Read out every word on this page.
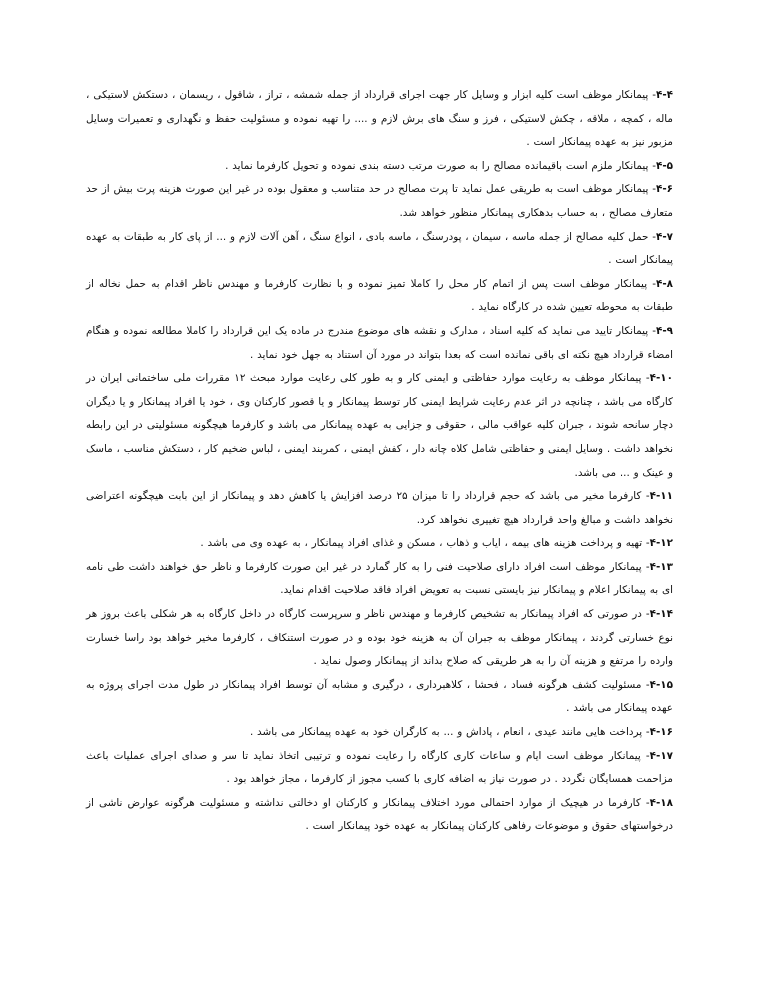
۴-۴- پیمانکار موظف است کلیه ابزار و وسایل کار جهت اجرای قرارداد از جمله شمشه ، تراز ، شاقول ، ریسمان ، دستکش لاستیکی ، ماله ، کمچه ، ملاقه ، چکش لاستیکی ، فرز و سنگ های برش لازم و .... را تهیه نموده و مسئولیت حفظ و نگهداری و تعمیرات وسایل مزبور نیز به عهده پیمانکار است .

۴-۵- پیمانکار ملزم است باقیمانده مصالح را به صورت مرتب دسته بندی نموده و تحویل کارفرما نماید .

۴-۶- پیمانکار موظف است به طریقی عمل نماید تا پرت مصالح در حد متناسب و معقول بوده در غیر این صورت هزینه پرت بیش از حد متعارف مصالح ، به حساب بدهکاری پیمانکار منظور خواهد شد.

۴-۷- حمل کلیه مصالح از جمله ماسه ، سیمان ، پودرسنگ ، ماسه بادی ، انواع سنگ ، آهن آلات لازم و ... از پای کار به طبقات به عهده پیمانکار است .

۴-۸- پیمانکار موظف است پس از اتمام کار محل را کاملا تمیز نموده و با نظارت کارفرما و مهندس ناظر اقدام به حمل نخاله از طبقات به محوطه تعیین شده در کارگاه نماید .

۴-۹- پیمانکار تایید می نماید که کلیه اسناد ، مدارک و نقشه های موضوع مندرج در ماده یک این قرارداد را کاملا مطالعه نموده و هنگام امضاء قرارداد هیچ نکته ای باقی نمانده است که بعدا بتواند در مورد آن استناد به جهل خود نماید .

۴-۱۰- پیمانکار موظف به رعایت موارد حفاظتی و ایمنی کار و به طور کلی رعایت موارد مبحث ۱۲ مقررات ملی ساختمانی ایران در کارگاه می باشد ، چنانچه در اثر عدم رعایت شرایط ایمنی کار توسط پیمانکار و یا قصور کارکنان وی ، خود یا افراد پیمانکار و یا دیگران دچار سانحه شوند ، جبران کلیه عواقب مالی ، حقوقی و جزایی به عهده پیمانکار می باشد و کارفرما هیچگونه مسئولیتی در این رابطه نخواهد داشت . وسایل ایمنی و حفاظتی شامل کلاه چانه دار ، کفش ایمنی ، کمربند ایمنی ، لباس ضخیم کار ، دستکش مناسب ، ماسک و عینک و ... می باشد.

۴-۱۱- کارفرما مخیر می باشد که حجم قرارداد را تا میزان ۲۵ درصد افزایش یا کاهش دهد و پیمانکار از این بابت هیچگونه اعتراضی نخواهد داشت و مبالغ واحد قرارداد هیچ تغییری نخواهد کرد.

۴-۱۲- تهیه و پرداخت هزینه های بیمه ، ایاب و ذهاب ، مسکن و غذای افراد پیمانکار ، به عهده وی می باشد .

۴-۱۳- پیمانکار موظف است افراد دارای صلاحیت فنی را به کار گمارد در غیر این صورت کارفرما و ناظر حق خواهند داشت طی نامه ای به پیمانکار اعلام و پیمانکار نیز بایستی نسبت به تعویض افراد فاقد صلاحیت اقدام نماید.

۴-۱۴- در صورتی که افراد پیمانکار به تشخیص کارفرما و مهندس ناظر و سرپرست کارگاه در داخل کارگاه به هر شکلی باعث بروز هر نوع خسارتی گردند ، پیمانکار موظف به جبران آن به هزینه خود بوده و در صورت استنکاف ، کارفرما مخیر خواهد بود راسا خسارت وارده را مرتفع و هزینه آن را به هر طریقی که صلاح بداند از پیمانکار وصول نماید .

۴-۱۵- مسئولیت کشف هرگونه فساد ، فحشا ، کلاهبرداری ، درگیری و مشابه آن توسط افراد پیمانکار در طول مدت اجرای پروژه به عهده پیمانکار می باشد .

۴-۱۶- پرداخت هایی مانند عیدی ، انعام ، پاداش و ... به کارگران خود به عهده پیمانکار می باشد .

۴-۱۷- پیمانکار موظف است ایام و ساعات کاری کارگاه را رعایت نموده و ترتیبی اتخاذ نماید تا سر و صدای اجرای عملیات باعث مزاحمت همسایگان نگردد . در صورت نیاز به اضافه کاری با کسب مجوز از کارفرما ، مجاز خواهد بود .

۴-۱۸- کارفرما در هیچیک از موارد احتمالی مورد اختلاف پیمانکار و کارکنان او دخالتی نداشته و مسئولیت هرگونه عوارض ناشی از درخواستهای حقوق و موضوعات رفاهی کارکنان پیمانکار به عهده خود پیمانکار است .
